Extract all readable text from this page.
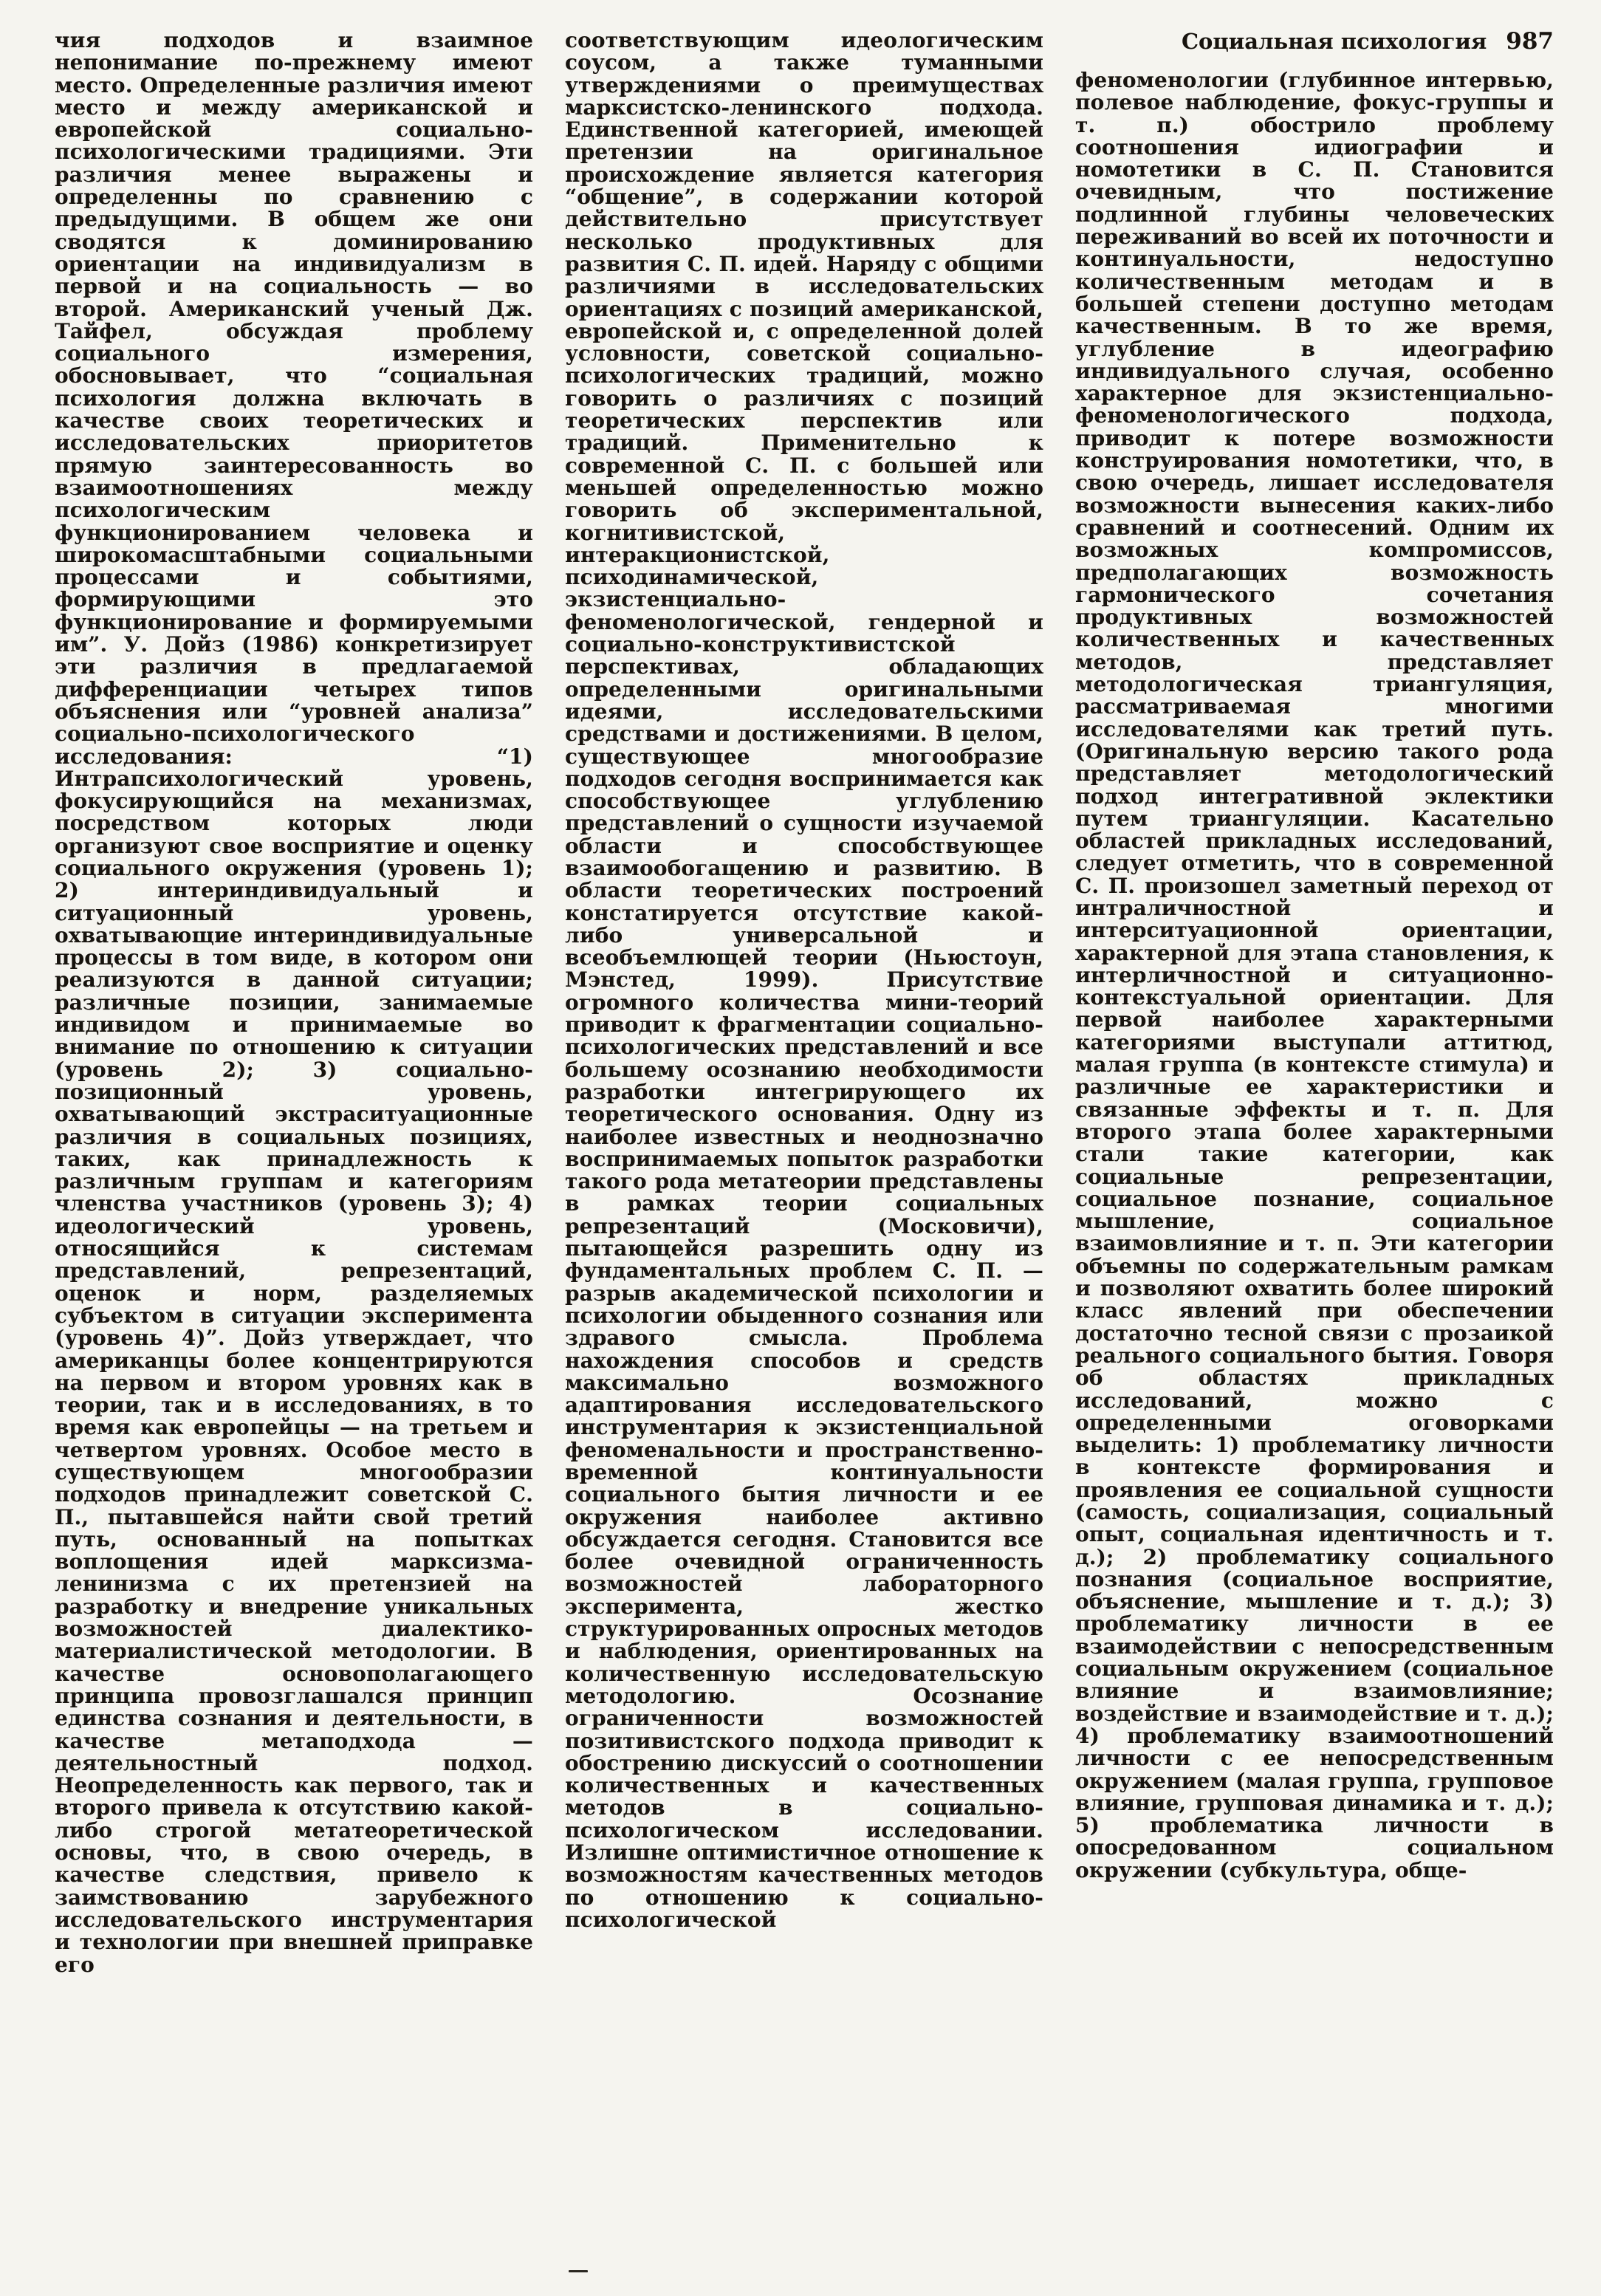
чия подходов и взаимное непонимание по-прежнему имеют место. Определенные различия имеют место и между американской и европейской социально-психологическими традициями. Эти различия менее выражены и определенны по сравнению с предыдущими. В общем же они сводятся к доминированию ориентации на индивидуализм в первой и на социальность — во второй. Американский ученый Дж. Тайфел, обсуждая проблему социального измерения, обосновывает, что “социальная психология должна включать в качестве своих теоретических и исследовательских приоритетов прямую заинтересованность во взаимоотношениях между психологическим функционированием человека и широкомасштабными социальными процессами и событиями, формирующими это функционирование и формируемыми им”. У. Дойз (1986) конкретизирует эти различия в предлагаемой дифференциации четырех типов объяснения или “уровней анализа” социально-психологического исследования: “1) Интрапсихологический уровень, фокусирующийся на механизмах, посредством которых люди организуют свое восприятие и оценку социального окружения (уровень 1); 2) интериндивидуальный и ситуационный уровень, охватывающие интериндивидуальные процессы в том виде, в котором они реализуются в данной ситуации; различные позиции, занимаемые индивидом и принимаемые во внимание по отношению к ситуации (уровень 2); 3) социально-позиционный уровень, охватывающий экстраситуационные различия в социальных позициях, таких, как принадлежность к различным группам и категориям членства участников (уровень 3); 4) идеологический уровень, относящийся к системам представлений, репрезентаций, оценок и норм, разделяемых субъектом в ситуации эксперимента (уровень 4)”. Дойз утверждает, что американцы более концентрируются на первом и втором уровнях как в теории, так и в исследованиях, в то время как европейцы — на третьем и четвертом уровнях. Особое место в существующем многообразии подходов принадлежит советской С. П., пытавшейся найти свой третий путь, основанный на попытках воплощения идей марксизма-ленинизма с их претензией на разработку и внедрение уникальных возможностей диалектико-материалистической методологии. В качестве основополагающего принципа провозглашался принцип единства сознания и деятельности, в качестве метаподхода — деятельностный подход. Неопределенность как первого, так и второго привела к отсутствию какой-либо строгой метатеоретической основы, что, в свою очередь, в качестве следствия, привело к заимствованию зарубежного исследовательского инструментария и технологии при внешней приправке его
соответствующим идеологическим соусом, а также туманными утверждениями о преимуществах марксистско-ленинского подхода. Единственной категорией, имеющей претензии на оригинальное происхождение является категория “общение”, в содержании которой действительно присутствует несколько продуктивных для развития С. П. идей. Наряду с общими различиями в исследовательских ориентациях с позиций американской, европейской и, с определенной долей условности, советской социально-психологических традиций, можно говорить о различиях с позиций теоретических перспектив или традиций. Применительно к современной С. П. с большей или меньшей определенностью можно говорить об экспериментальной, когнитивистской, интеракционистской, психодинамической, экзистенциально-феноменологической, гендерной и социально-конструктивистской перспективах, обладающих определенными оригинальными идеями, исследовательскими средствами и достижениями. В целом, существующее многообразие подходов сегодня воспринимается как способствующее углублению представлений о сущности изучаемой области и способствующее взаимообогащению и развитию. В области теоретических построений констатируется отсутствие какой-либо универсальной и всеобъемлющей теории (Ньюстоун, Мэнстед, 1999). Присутствие огромного количества мини-теорий приводит к фрагментации социально-психологических представлений и все большему осознанию необходимости разработки интегрирующего их теоретического основания. Одну из наиболее известных и неоднозначно воспринимаемых попыток разработки такого рода метатеории представлены в рамках теории социальных репрезентаций (Московичи), пытающейся разрешить одну из фундаментальных проблем С. П. — разрыв академической психологии и психологии обыденного сознания или здравого смысла. Проблема нахождения способов и средств максимально возможного адаптирования исследовательского инструментария к экзистенциальной феноменальности и пространственно-временной континуальности социального бытия личности и ее окружения наиболее активно обсуждается сегодня. Становится все более очевидной ограниченность возможностей лабораторного эксперимента, жестко структурированных опросных методов и наблюдения, ориентированных на количественную исследовательскую методологию. Осознание ограниченности возможностей позитивистского подхода приводит к обострению дискуссий о соотношении количественных и качественных методов в социально-психологическом исследовании. Излишне оптимистичное отношение к возможностям качественных методов по отношению к социально-психологической
Социальная психология 987
феноменологии (глубинное интервью, полевое наблюдение, фокус-группы и т. п.) обострило проблему соотношения идиографии и номотетики в С. П. Становится очевидным, что постижение подлинной глубины человеческих переживаний во всей их поточности и континуальности, недоступно количественным методам и в большей степени доступно методам качественным. В то же время, углубление в идеографию индивидуального случая, особенно характерное для экзистенциально-феноменологического подхода, приводит к потере возможности конструирования номотетики, что, в свою очередь, лишает исследователя возможности вынесения каких-либо сравнений и соотнесений. Одним их возможных компромиссов, предполагающих возможность гармонического сочетания продуктивных возможностей количественных и качественных методов, представляет методологическая триангуляция, рассматриваемая многими исследователями как третий путь. (Оригинальную версию такого рода представляет методологический подход интегративной эклектики путем триангуляции. Касательно областей прикладных исследований, следует отметить, что в современной С. П. произошел заметный переход от интраличностной и интерситуационной ориентации, характерной для этапа становления, к интерличностной и ситуационно-контекстуальной ориентации. Для первой наиболее характерными категориями выступали аттитюд, малая группа (в контексте стимула) и различные ее характеристики и связанные эффекты и т. п. Для второго этапа более характерными стали такие категории, как социальные репрезентации, социальное познание, социальное мышление, социальное взаимовлияние и т. п. Эти категории объемны по содержательным рамкам и позволяют охватить более широкий класс явлений при обеспечении достаточно тесной связи с прозаикой реального социального бытия. Говоря об областях прикладных исследований, можно с определенными оговорками выделить: 1) проблематику личности в контексте формирования и проявления ее социальной сущности (самость, социализация, социальный опыт, социальная идентичность и т. д.); 2) проблематику социального познания (социальное восприятие, объяснение, мышление и т. д.); 3) проблематику личности в ее взаимодействии с непосредственным социальным окружением (социальное влияние и взаимовлияние; воздействие и взаимодействие и т. д.); 4) проблематику взаимоотношений личности с ее непосредственным окружением (малая группа, групповое влияние, групповая динамика и т. д.); 5) проблематика личности в опосредованном социальном окружении (субкультура, обще-
